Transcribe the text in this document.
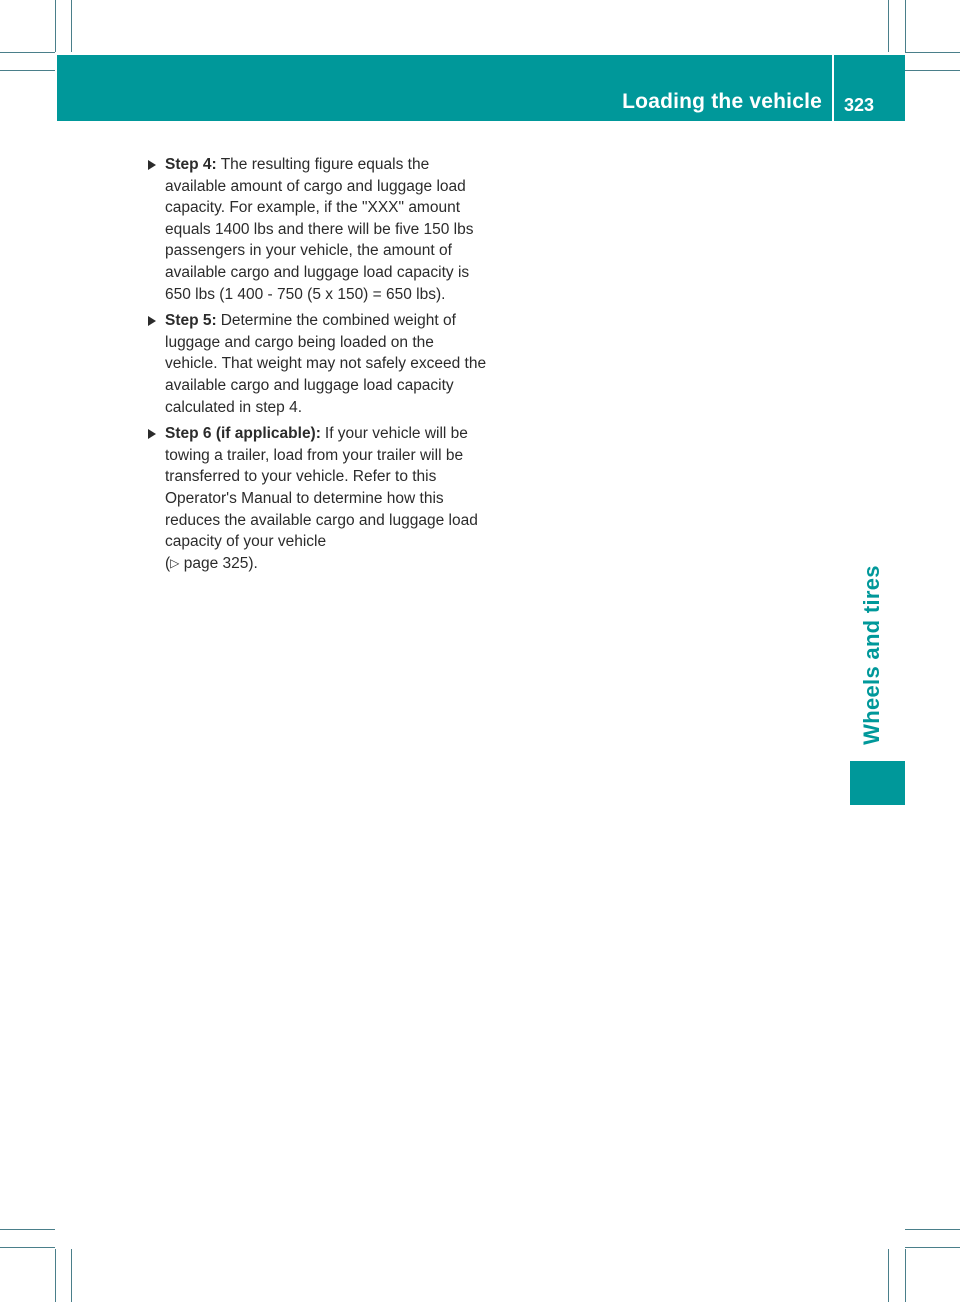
Loading the vehicle 323
Wheels and tires

Step 4: The resulting figure equals the available amount of cargo and luggage load capacity. For example, if the "XXX" amount equals 1400 lbs and there will be five 150 lbs passengers in your vehicle, the amount of available cargo and luggage load capacity is 650 lbs (1 400 - 750 (5 x 150) = 650 lbs).

Step 5: Determine the combined weight of luggage and cargo being loaded on the vehicle. That weight may not safely exceed the available cargo and luggage load capacity calculated in step 4.

Step 6 (if applicable): If your vehicle will be towing a trailer, load from your trailer will be transferred to your vehicle. Refer to this Operator's Manual to determine how this reduces the available cargo and luggage load capacity of your vehicle
(▷ page 325).
